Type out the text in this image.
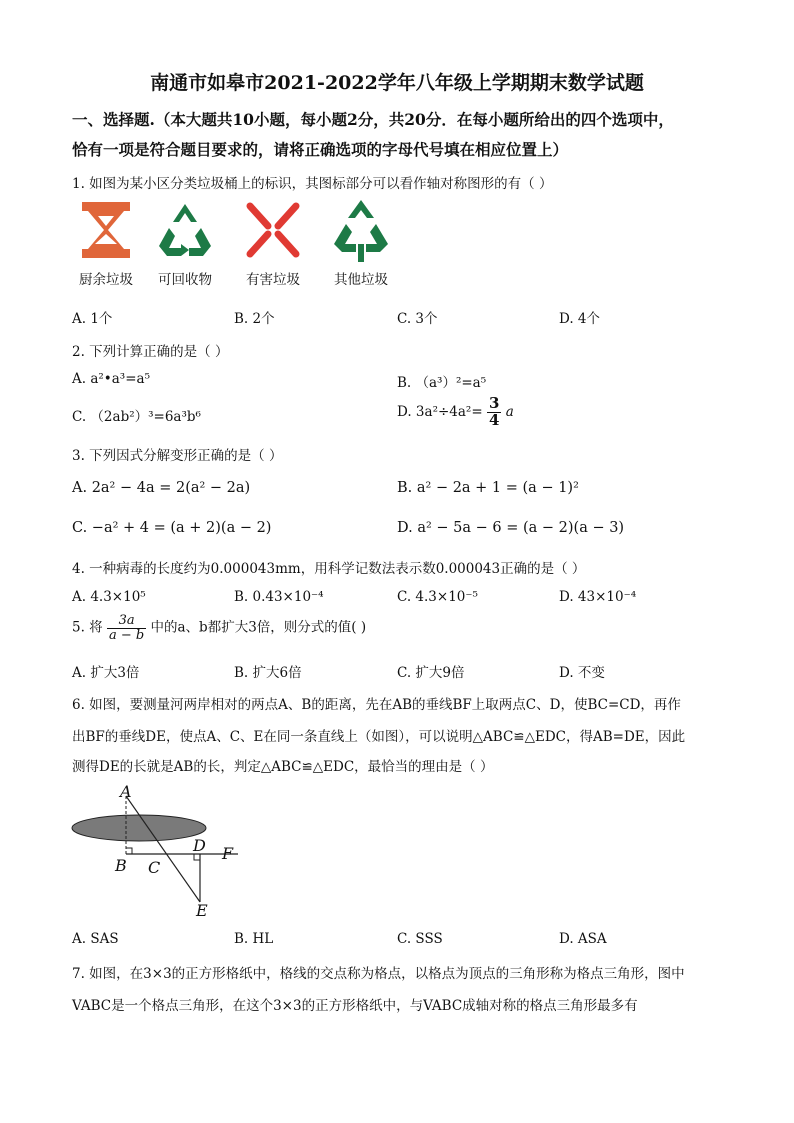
南通市如皋市2021-2022学年八年级上学期期末数学试题
一、选择题.（本大题共10小题，每小题2分，共20分．在每小题所给出的四个选项中，
恰有一项是符合题目要求的，请将正确选项的字母代号填在相应位置上）
1. 如图为某小区分类垃圾桶上的标识，其图标部分可以看作轴对称图形的有（ ）
厨余垃圾	可回收物	有害垃圾	其他垃圾
A. 1个	B. 2个	C. 3个	D. 4个
2. 下列计算正确的是（ ）
A. a²•a³=a⁵	B. （a³）²=a⁵
C. （2ab²）³=6a³b⁶	D. $3a^2\div 4a^2= \frac{3}{4}$ a
3. 下列因式分解变形正确的是（ ）
A. 2a² − 4a = 2(a² − 2a)	B. a² − 2a + 1 = (a − 1)²
C. −a² + 4 = (a + 2)(a − 2)	D. a² − 5a − 6 = (a − 2)(a − 3)
4. 一种病毒的长度约为0.000043mm，用科学记数法表示数0.000043正确的是（ ）
A. 4.3×10⁵	B. 0.43×10⁻⁴	C. 4.3×10⁻⁵	D. 43×10⁻⁴
5. 将 $\frac{3a}{a - b}$ 中的a、b都扩大3倍，则分式的值( )
A. 扩大3倍	B. 扩大6倍	C. 扩大9倍	D. 不变
6. 如图，要测量河两岸相对的两点A、B的距离，先在AB的垂线BF上取两点C、D，使BC=CD，再作
出BF的垂线DE，使点A、C、E在同一条直线上（如图），可以说明△ABC≌△EDC，得AB=DE，因此
测得DE的长就是AB的长，判定△ABC≌△EDC，最恰当的理由是（ ）
A
B C
D F
E
A. SAS	B. HL	C. SSS	D. ASA
7. 如图，在3×3的正方形格纸中，格线的交点称为格点，以格点为顶点的三角形称为格点三角形，图中
VABC是一个格点三角形，在这个3×3的正方形格纸中，与VABC成轴对称的格点三角形最多有
